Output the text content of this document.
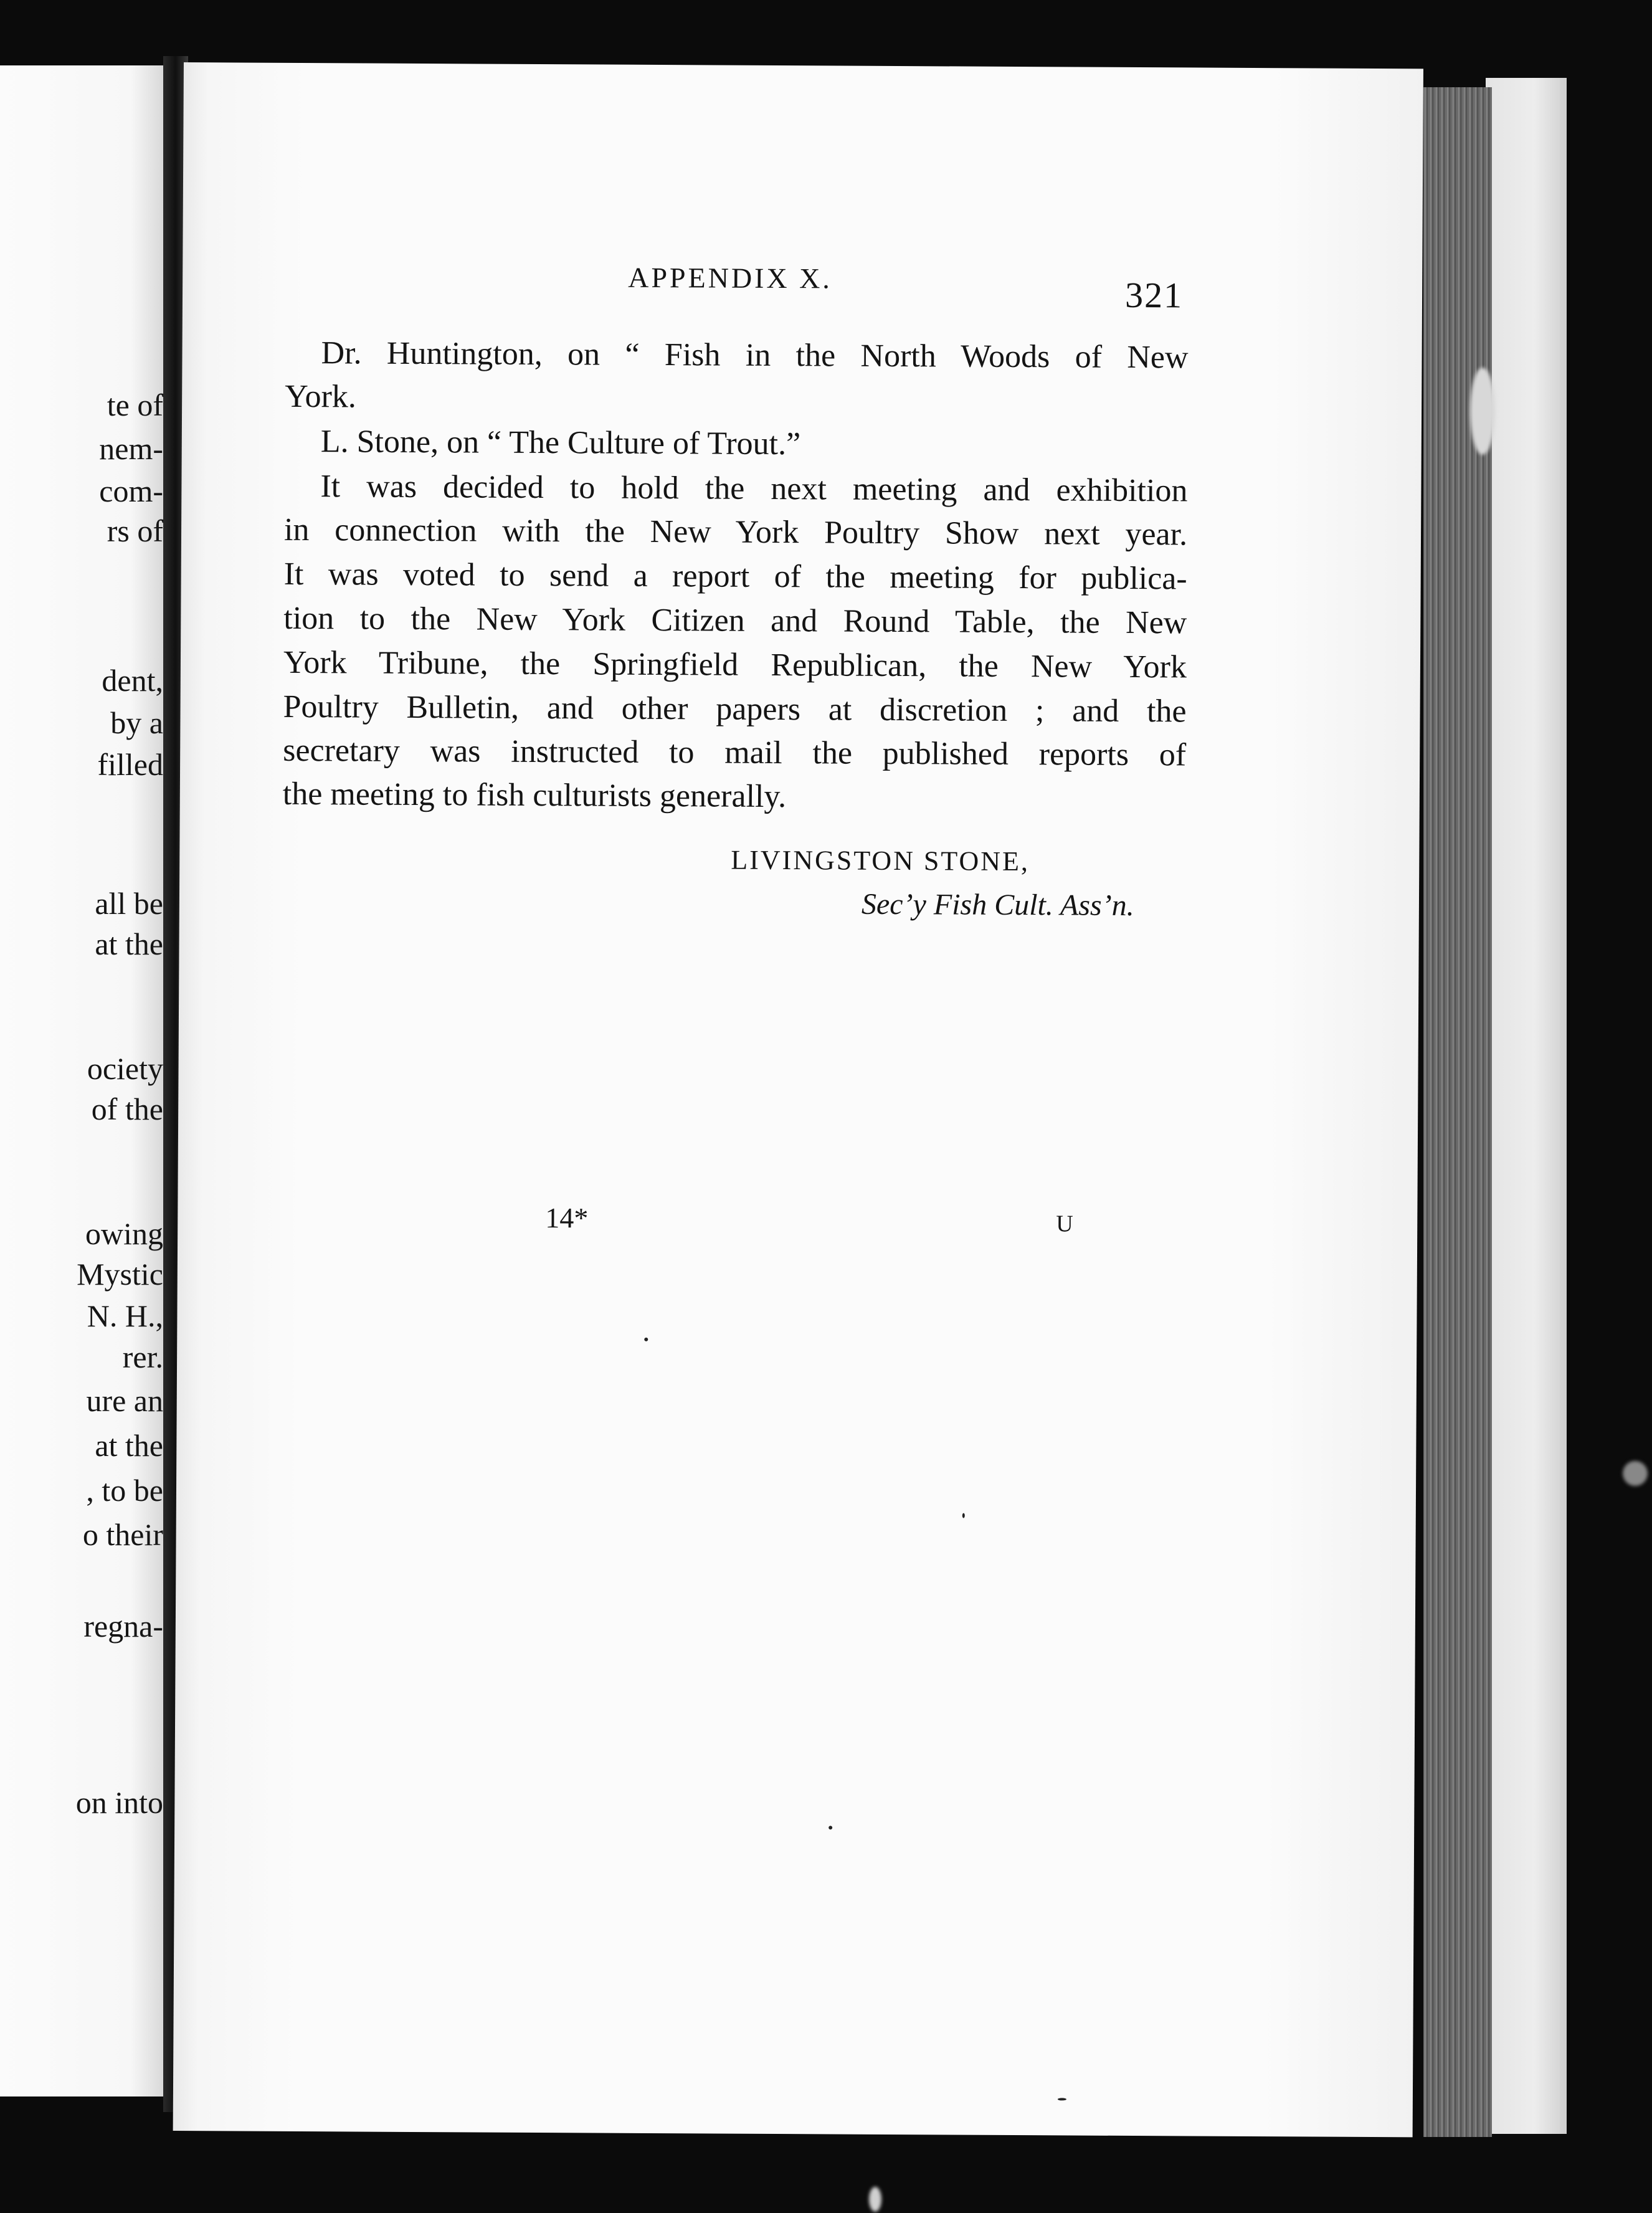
te of
nem-
com-
rs of
dent,
by a
filled
all be
at the
ociety
of the
owing
Mystic
N. H.,
rer.
ure an
at the
, to be
o their
regna-
on into
APPENDIX X.	321
Dr. Huntington, on “ Fish in the North Woods of New
York.
L. Stone, on “ The Culture of Trout.”
It was decided to hold the next meeting and exhibition
in connection with the New York Poultry Show next year.
It was voted to send a report of the meeting for publica-
tion to the New York Citizen and Round Table, the New
York Tribune, the Springfield Republican, the New York
Poultry Bulletin, and other papers at discretion ; and the
secretary was instructed to mail the published reports of
the meeting to fish culturists generally.
LIVINGSTON STONE,
Sec’y Fish Cult. Ass’n.
14*	U
